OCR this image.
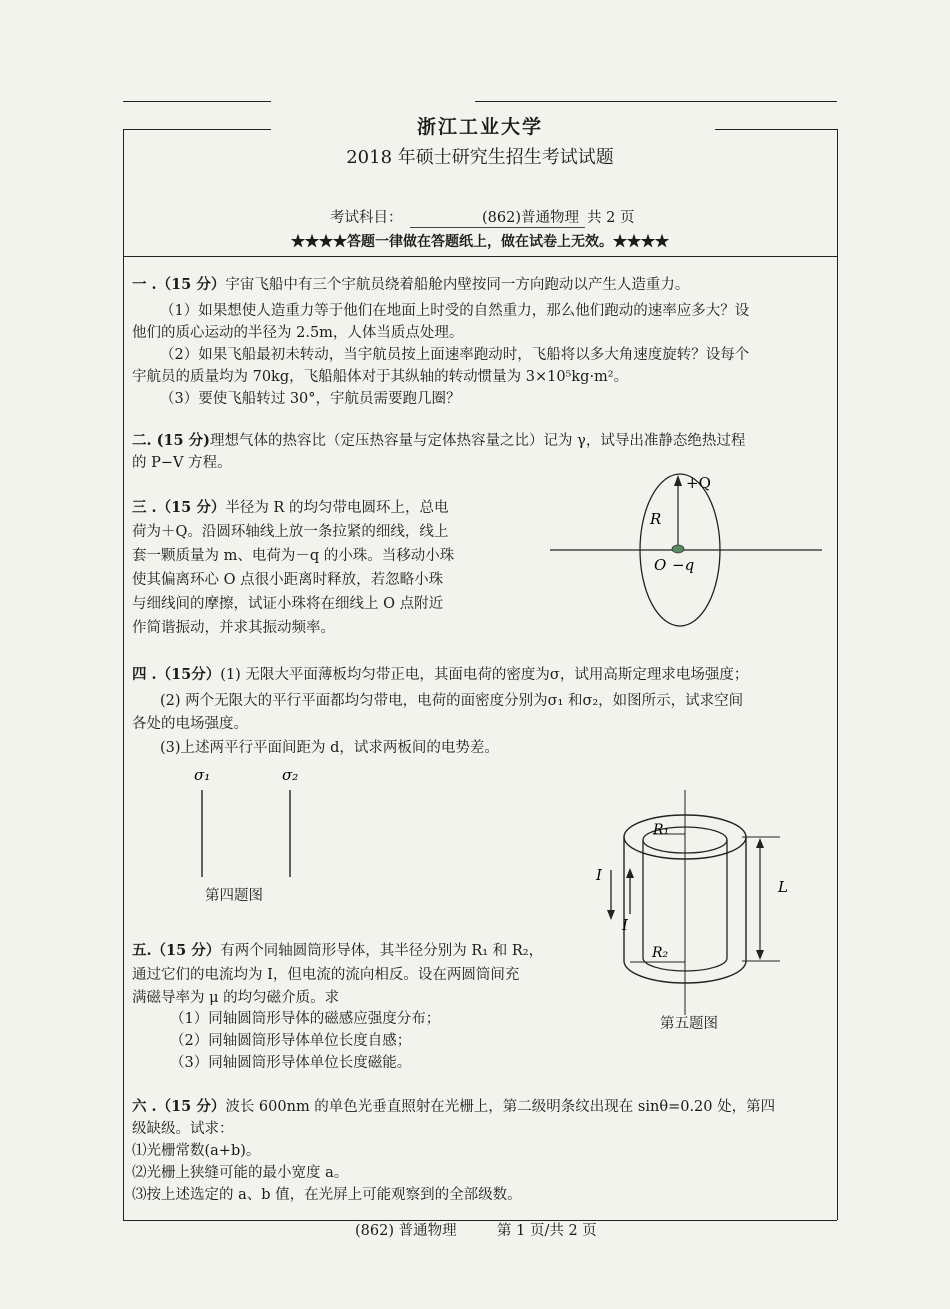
浙江工业大学
2018 年硕士研究生招生考试试题
考试科目：	(862)普通物理 共 2 页
★★★★答题一律做在答题纸上，做在试卷上无效。★★★★
一 .（15 分）宇宙飞船中有三个宇航员绕着船舱内壁按同一方向跑动以产生人造重力。
（1）如果想使人造重力等于他们在地面上时受的自然重力，那么他们跑动的速率应多大？设
他们的质心运动的半径为 2.5m，人体当质点处理。
（2）如果飞船最初未转动，当宇航员按上面速率跑动时，飞船将以多大角速度旋转？设每个
宇航员的质量均为 70kg，飞船船体对于其纵轴的转动惯量为 3×10⁵kg·m²。
（3）要使飞船转过 30°，宇航员需要跑几圈？
二. (15 分)理想气体的热容比（定压热容量与定体热容量之比）记为 γ，试导出准静态绝热过程
的 P−V 方程。
三 .（15 分）半径为 R 的均匀带电圆环上，总电
荷为＋Q。沿圆环轴线上放一条拉紧的细线，线上
套一颗质量为 m、电荷为－q 的小珠。当移动小珠
使其偏离环心 O 点很小距离时释放，若忽略小珠
与细线间的摩擦，试证小珠将在细线上 O 点附近
作简谐振动，并求其振动频率。
+Q
R
O −q
四 .（15分）(1) 无限大平面薄板均匀带正电，其面电荷的密度为σ，试用高斯定理求电场强度；
(2) 两个无限大的平行平面都均匀带电，电荷的面密度分别为σ₁ 和σ₂，如图所示，试求空间
各处的电场强度。
(3)上述两平行平面间距为 d，试求两板间的电势差。
σ₁	σ₂
第四题图
R₁
R₂
I
I
L
第五题图
五.（15 分）有两个同轴圆筒形导体，其半径分别为 R₁ 和 R₂，
通过它们的电流均为 I，但电流的流向相反。设在两圆筒间充
满磁导率为 μ 的均匀磁介质。求
（1）同轴圆筒形导体的磁感应强度分布；
（2）同轴圆筒形导体单位长度自感；
（3）同轴圆筒形导体单位长度磁能。
六 .（15 分）波长 600nm 的单色光垂直照射在光栅上，第二级明条纹出现在 sinθ=0.20 处，第四
级缺级。试求：
⑴光栅常数(a+b)。
⑵光栅上狭缝可能的最小宽度 a。
⑶按上述选定的 a、b 值，在光屏上可能观察到的全部级数。
(862) 普通物理	第 1 页/共 2 页
